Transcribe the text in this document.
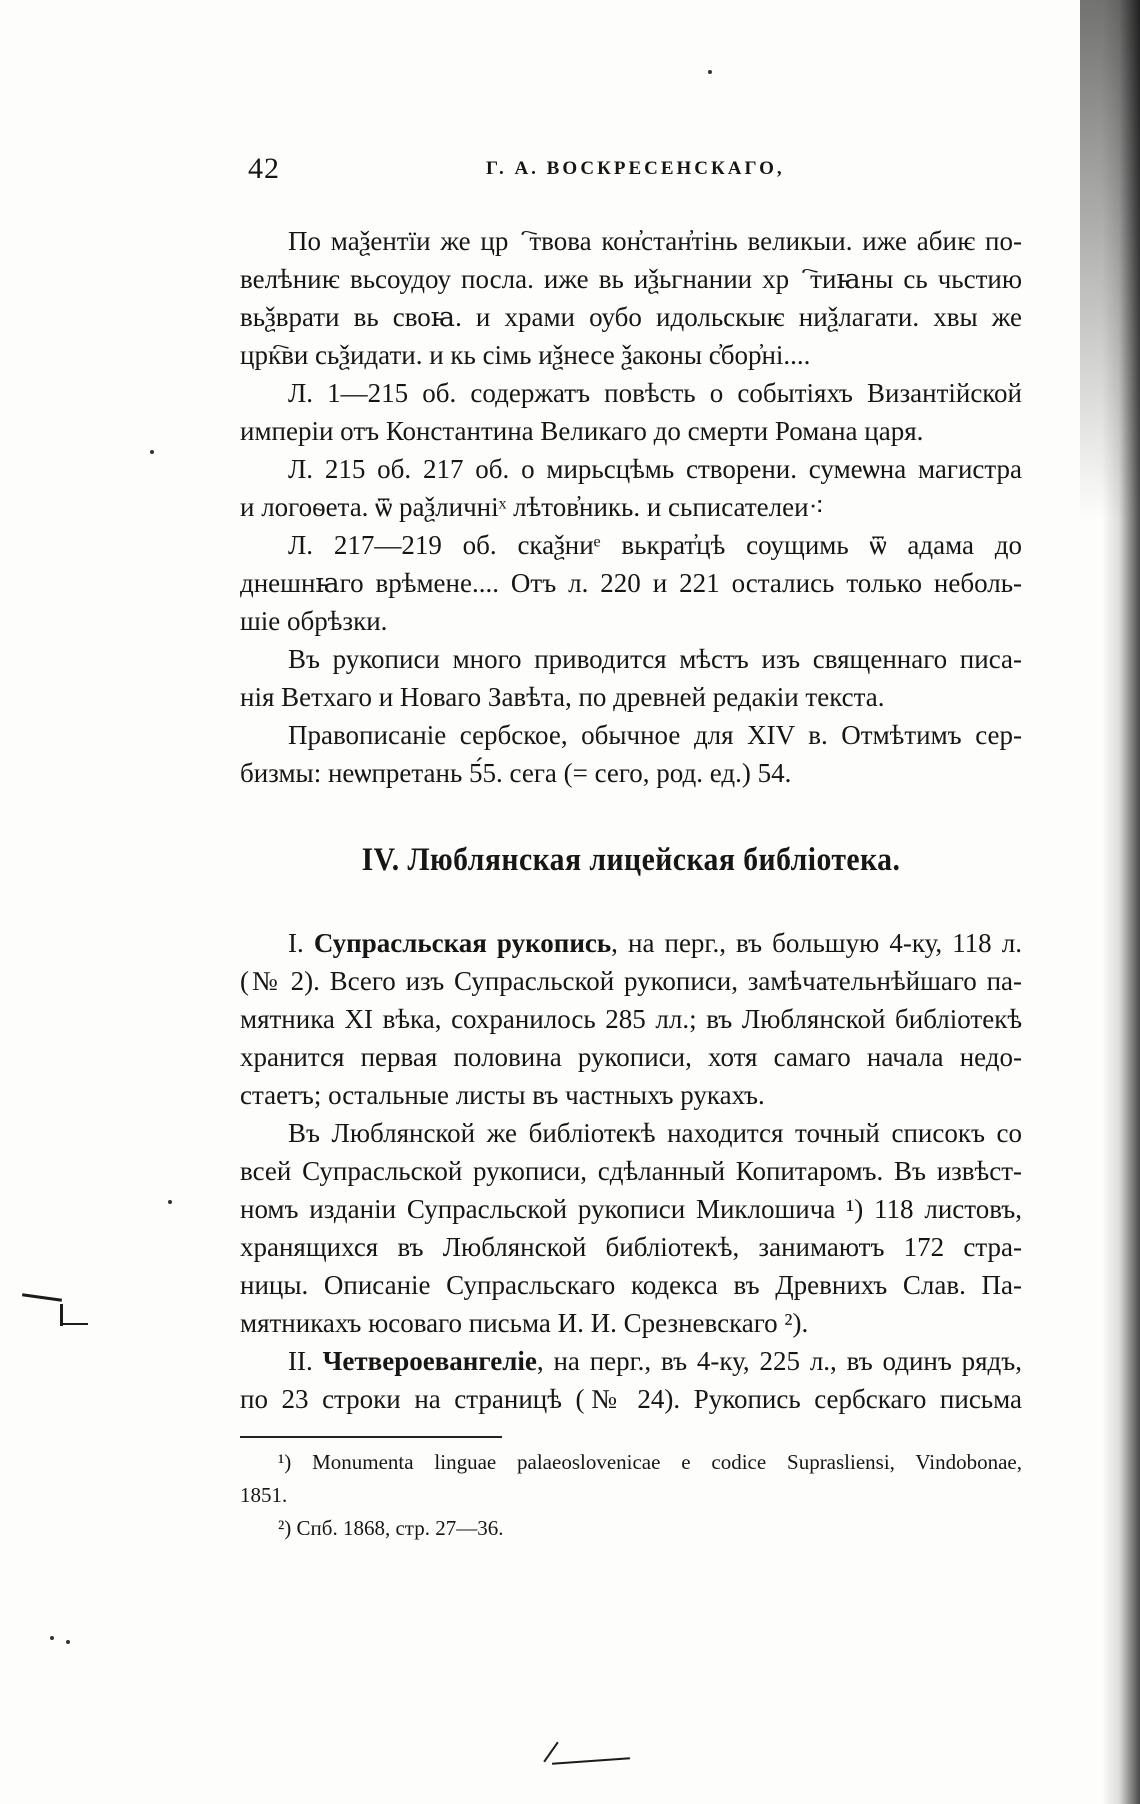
42	Г. А. ВОСКРЕСЕНСКАГО,
По маѯентїи же црⷭ҇твова кон҆стан҆тінь великыи. иже абиѥ по-
велѣниѥ вьсоудоу посла. иже вь иѯьгнании хрⷭ҇тиꙗны сь чьстию
вьѯврати вь своꙗ. и храми оубо идольскыѥ ниѯлагати. хвы же
црк҇ви сьѯидати. и кь сімь иѯнесе ѯаконы с҆бор҆ні....
Л. 1—215 об. содержатъ повѣсть о событіяхъ Византійской
имперіи отъ Константина Великаго до смерти Романа царя.
Л. 215 об. 217 об. о мирьсцѣмь створени. сумеѡна магистра
и логоѳета. ѿ раѯличнiˣ лѣтов҆никь. и сьписателеи⁖
Л. 217—219 об. скаѯниᵉ вькрат҆цѣ соущимь ѿ адама до
днешнꙗго врѣмене.... Отъ л. 220 и 221 остались только неболь-
шіе обрѣзки.
Въ рукописи много приводится мѣстъ изъ священнаго писа-
нія Ветхаго и Новаго Завѣта, по древней редакіи текста.
Правописаніе сербское, обычное для XIV в. Отмѣтимъ сер-
бизмы: неѡпретань 5́5. сега (= сего, род. ед.) 54.
IV. Люблянская лицейская библіотека.
I. Супрасльская рукопись, на перг., въ большую 4-ку, 118 л.
(№ 2). Всего изъ Супрасльской рукописи, замѣчательнѣйшаго па-
мятника XI вѣка, сохранилось 285 лл.; въ Люблянской библіотекѣ
хранится первая половина рукописи, хотя самаго начала недо-
стаетъ; остальные листы въ частныхъ рукахъ.
Въ Люблянской же библіотекѣ находится точный списокъ со
всей Супрасльской рукописи, сдѣланный Копитаромъ. Въ извѣст-
номъ изданіи Супрасльской рукописи Миклошича ¹) 118 листовъ,
хранящихся въ Люблянской библіотекѣ, занимаютъ 172 стра-
ницы. Описаніе Супрасльскаго кодекса въ Древнихъ Слав. Па-
мятникахъ юсоваго письма И. И. Срезневскаго ²).
II. Четвероевангеліе, на перг., въ 4-ку, 225 л., въ одинъ рядъ,
по 23 строки на страницѣ (№ 24). Рукопись сербскаго письма
¹) Monumenta linguae palaeoslovenicae e codice Suprasliensi, Vindobonae,
1851.
²) Спб. 1868, стр. 27—36.
